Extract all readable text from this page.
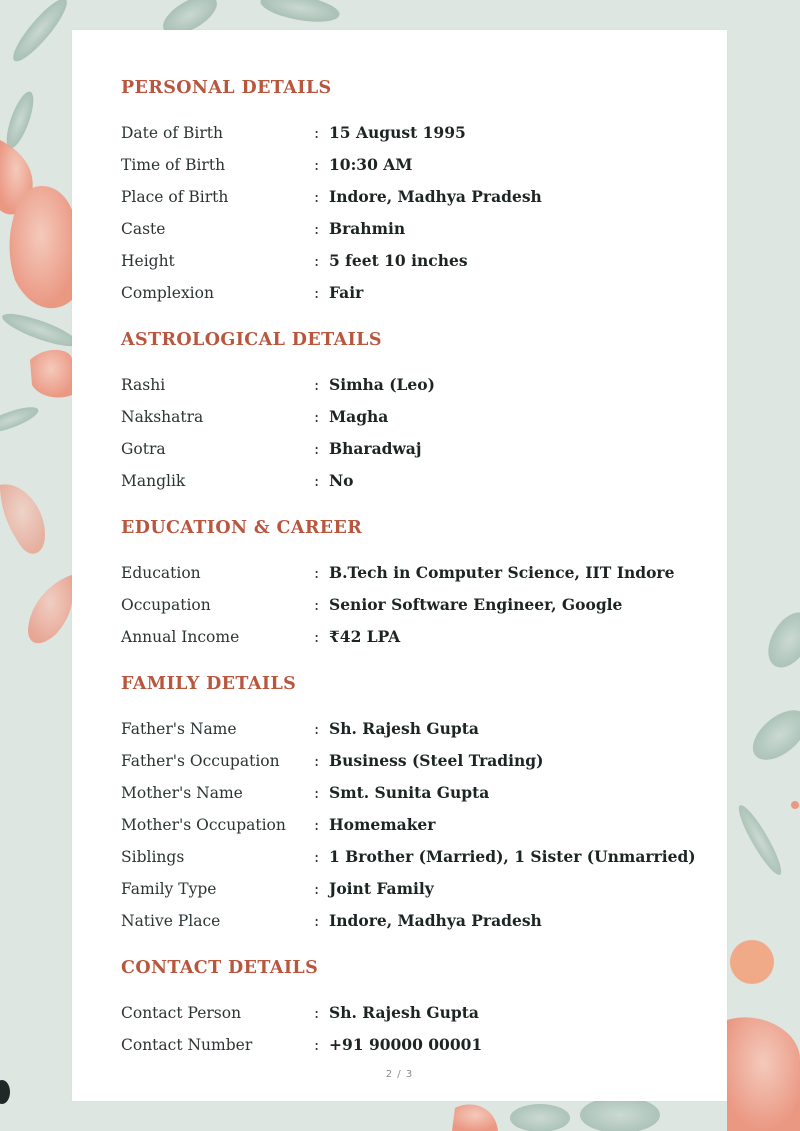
PERSONAL DETAILS
Date of Birth	: 15 August 1995
Time of Birth	: 10:30 AM
Place of Birth	: Indore, Madhya Pradesh
Caste	: Brahmin
Height	: 5 feet 10 inches
Complexion	: Fair
ASTROLOGICAL DETAILS
Rashi	: Simha (Leo)
Nakshatra	: Magha
Gotra	: Bharadwaj
Manglik	: No
EDUCATION & CAREER
Education	: B.Tech in Computer Science, IIT Indore
Occupation	: Senior Software Engineer, Google
Annual Income	: ₹42 LPA
FAMILY DETAILS
Father's Name	: Sh. Rajesh Gupta
Father's Occupation	: Business (Steel Trading)
Mother's Name	: Smt. Sunita Gupta
Mother's Occupation	: Homemaker
Siblings	: 1 Brother (Married), 1 Sister (Unmarried)
Family Type	: Joint Family
Native Place	: Indore, Madhya Pradesh
CONTACT DETAILS
Contact Person	: Sh. Rajesh Gupta
Contact Number	: +91 90000 00001
2 / 3
